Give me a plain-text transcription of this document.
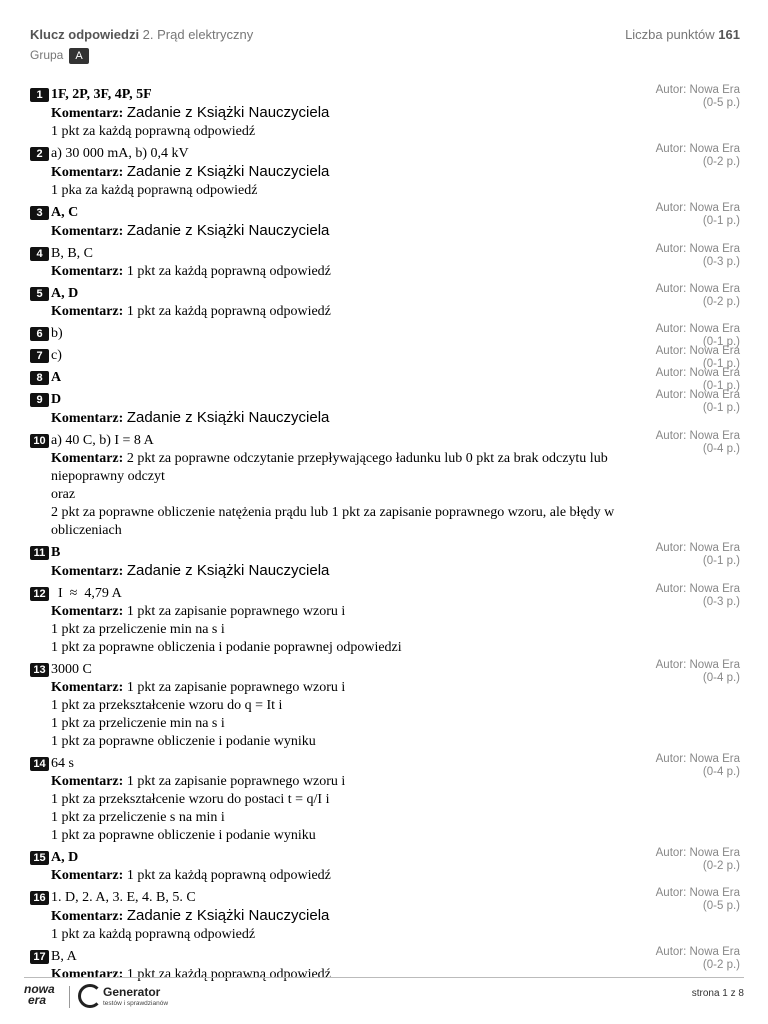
Klucz odpowiedzi 2. Prąd elektryczny	Liczba punktów 161
Grupa A
1 1F, 2P, 3F, 4P, 5F	Autor: Nowa Era
(0-5 p.)
Komentarz: Zadanie z Książki Nauczyciela
1 pkt za każdą poprawną odpowiedź
2 a) 30 000 mA, b) 0,4 kV	Autor: Nowa Era
(0-2 p.)
Komentarz: Zadanie z Książki Nauczyciela
1 pka za każdą poprawną odpowiedź
3 A, C	Autor: Nowa Era
(0-1 p.)
Komentarz: Zadanie z Książki Nauczyciela
4 B, B, C	Autor: Nowa Era
(0-3 p.)
Komentarz: 1 pkt za każdą poprawną odpowiedź
5 A, D	Autor: Nowa Era
(0-2 p.)
Komentarz: 1 pkt za każdą poprawną odpowiedź
6 b)	Autor: Nowa Era
(0-1 p.)
7 c)	Autor: Nowa Era
(0-1 p.)
8 A	Autor: Nowa Era
(0-1 p.)
9 D	Autor: Nowa Era
(0-1 p.)
Komentarz: Zadanie z Książki Nauczyciela
10 a) 40 C, b) I = 8 A	Autor: Nowa Era
(0-4 p.)
Komentarz: 2 pkt za poprawne odczytanie przepływającego ładunku lub 0 pkt za brak odczytu lub niepoprawny odczyt
oraz
2 pkt za poprawne obliczenie natężenia prądu lub 1 pkt za zapisanie poprawnego wzoru, ale błędy w obliczeniach
11 B	Autor: Nowa Era
(0-1 p.)
Komentarz: Zadanie z Książki Nauczyciela
12 I  ≈  4,79 A	Autor: Nowa Era
(0-3 p.)
Komentarz: 1 pkt za zapisanie poprawnego wzoru i
1 pkt za przeliczenie min na s i
1 pkt za poprawne obliczenia i podanie poprawnej odpowiedzi
13 3000 C	Autor: Nowa Era
(0-4 p.)
Komentarz: 1 pkt za zapisanie poprawnego wzoru i
1 pkt za przekształcenie wzoru do q = It i
1 pkt za przeliczenie min na s i
1 pkt za poprawne obliczenie i podanie wyniku
14 64 s	Autor: Nowa Era
(0-4 p.)
Komentarz: 1 pkt za zapisanie poprawnego wzoru i
1 pkt za przekształcenie wzoru do postaci t = q/I i
1 pkt za przeliczenie s na min i
1 pkt za poprawne obliczenie i podanie wyniku
15 A, D	Autor: Nowa Era
(0-2 p.)
Komentarz: 1 pkt za każdą poprawną odpowiedź
16 1. D, 2. A, 3. E, 4. B, 5. C	Autor: Nowa Era
(0-5 p.)
Komentarz: Zadanie z Książki Nauczyciela
1 pkt za każdą poprawną odpowiedź
17 B, A	Autor: Nowa Era
(0-2 p.)
Komentarz: 1 pkt za każdą poprawną odpowiedź
nowa
era
Generator
testów i sprawdzianów
strona 1 z 8
